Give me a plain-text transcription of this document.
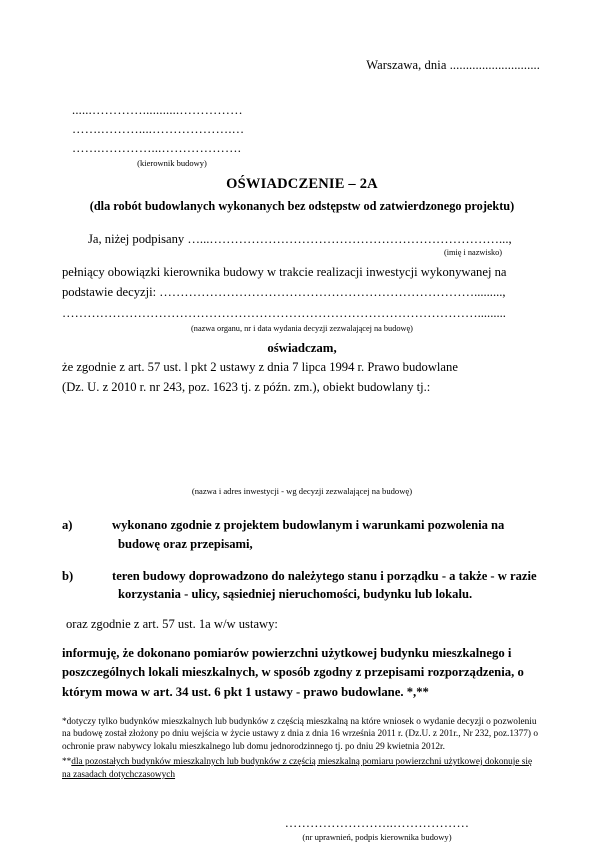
Warszawa, dnia ............................
......…………...........……………
…….………....……………….…
…….…………...……………….
(kierownik budowy)
OŚWIADCZENIE – 2A
(dla robót budowlanych wykonanych bez odstępstw od zatwierdzonego projektu)

Ja, niżej podpisany …...……………………………………………………………...,

(imię i nazwisko)

pełniący obowiązki kierownika budowy w trakcie realizacji inwestycji wykonywanej na

podstawie decyzji: ………………………………………………………………….........,

……………………………………………………………………………………….........

(nazwa organu, nr i data wydania decyzji zezwalającej na budowę)
oświadczam,

że zgodnie z art. 57 ust. l pkt 2 ustawy z dnia 7 lipca 1994 r. Prawo budowlane

(Dz. U. z 2010 r. nr 243, poz. 1623 tj. z późn. zm.), obiekt budowlany tj.:

(nazwa i adres inwestycji - wg decyzji zezwalającej na budowę)
a)	wykonano zgodnie z projektem budowlanym i warunkami pozwolenia na budowę oraz przepisami,
b)	teren budowy doprowadzono do należytego stanu i porządku - a także - w razie korzystania - ulicy, sąsiedniej nieruchomości, budynku lub lokalu.

oraz zgodnie z art. 57 ust. 1a w/w ustawy:

informuję, że dokonano pomiarów powierzchni użytkowej budynku mieszkalnego i poszczególnych lokali mieszkalnych, w sposób zgodny z przepisami rozporządzenia, o którym mowa w art. 34 ust. 6 pkt 1 ustawy - prawo budowlane. *,**

*dotyczy tylko budynków mieszkalnych lub budynków z częścią mieszkalną na które wniosek o wydanie decyzji o pozwoleniu na budowę został złożony po dniu wejścia w życie ustawy z dnia z dnia 16 września 2011 r. (Dz.U. z 201r., Nr 232, poz.1377) o ochronie praw nabywcy lokalu mieszkalnego lub domu jednorodzinnego tj. po dniu 29 kwietnia 2012r.

**dla pozostałych budynków mieszkalnych lub budynków z częścią mieszkalną pomiaru powierzchni użytkowej dokonuje się na zasadach dotychczasowych

……………………..………………
(nr uprawnień, podpis kierownika budowy)
